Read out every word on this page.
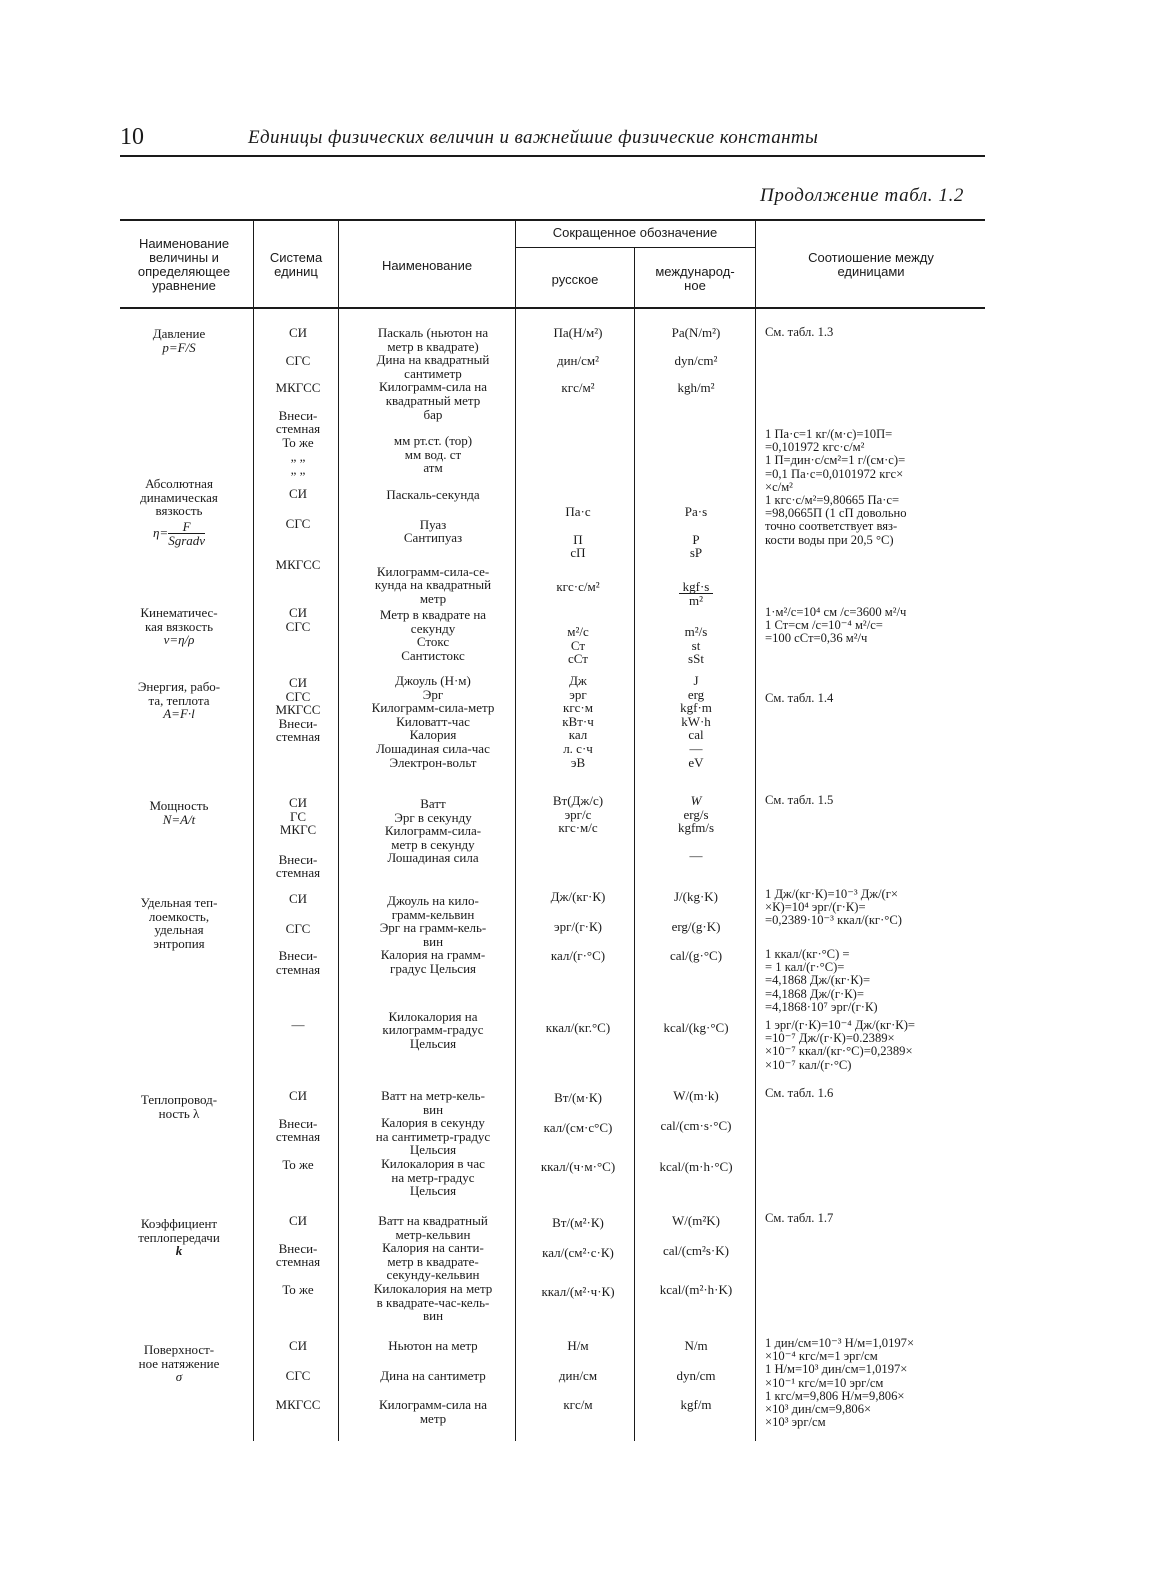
10	Единицы физических величин и важнейшие физические константы
Продолжение табл. 1.2
Наименование
величины и
определяющее
уравнение
Система
единиц	Наименование
Сокращенное обозначение
русское
международ-
ное
Соотиошение между
единицами
Давление
p=F/S
СИ
СГС
МКГСС
Внеси-
стемная
То же
„ „
„ „
Паскаль (ньютон на
метр в квадрате)
Дина на квадратный
сантиметр
Килограмм-сила на
квадратный метр
бар
мм рт.ст. (тор)
мм вод. ст
атм
Па(Н/м²)
дин/см²
кгс/м²
Pa(N/m²)
dyn/cm²
kgh/m²
См. табл. 1.3
Абсолютная
динамическая
вязкость
$\eta= \frac{F}{\text{Sgradv}}$
СИ
СГС
МКГСС
Паскаль-секунда
Пуаз
Сантипуаз
Килограмм-сила-се-
кунда на квадратный
метр
Па·с
П
сП
кгс·с/м²
Pa·s
P
sP
$\frac{\text{kgf·s}}{\text{m²}}$
1 Па·с=1 кг/(м·с)=10П=
=0,101972 кгс·с/м²
1 П=дин·с/см²=1 г/(см·с)=
=0,1 Па·с=0,0101972 кгс×
×с/м²
1 кгс·с/м²=9,80665 Па·с=
=98,0665П (1 сП довольно
точно соответствует вяз-
кости воды при 20,5 °С)
Кинематичес-
кая вязкость
ν=η/ρ
СИ
СГС
Метр в квадрате на
секунду
Стокс
Сантистокс
м²/с
Ст
сСт
m²/s
st
sSt
1·м²/с=10⁴ см /с=3600 м²/ч
1 Ст=см /с=10⁻⁴ м²/с=
=100 сСт=0,36 м²/ч
Энергия, рабо-
та, теплота
A=F·l
СИ
СГС
МКГСС
Внеси-
стемная
Джоуль (Н·м)
Эрг
Килограмм-сила-метр
Киловатт-час
Калория
Лошадиная сила-час
Электрон-вольт
Дж
эрг
кгс·м
кВт·ч
кал
л. с·ч
эВ
J
erg
kgf·m
kW·h
cal
—
eV
См. табл. 1.4
Мощность
N=A/t
СИ
ГС
МКГС
Внеси-
стемная
Ватт
Эрг в секунду
Килограмм-сила-
метр в секунду
Лошадиная сила
Вт(Дж/с)
эрг/с
кгс·м/с
W
erg/s
kgfm/s
—
См. табл. 1.5
Удельная теп-
лоемкость,
удельная
энтропия
СИ
СГС
Внеси-
стемная
—
Джоуль на кило-
грамм-кельвин
Эрг на грамм-кель-
вин
Калория на грамм-
градус Цельсия
Килокалория на
килограмм-градус
Цельсия
Дж/(кг·К)
эрг/(г·К)
кал/(г·°С)
ккал/(кг.°С)
J/(kg·K)
erg/(g·K)
cal/(g·°C)
kcal/(kg·°C)
1 Дж/(кг·К)=10⁻³ Дж/(г×
×К)=10⁴ эрг/(г·К)=
=0,2389·10⁻³ ккал/(кг·°С)
1 ккал/(кг·°С) =
= 1 кал/(г·°С)=
=4,1868 Дж/(кг·К)=
=4,1868 Дж/(г·К)=
=4,1868·10⁷ эрг/(г·К)
1 эрг/(г·К)=10⁻⁴ Дж/(кг·К)=
=10⁻⁷ Дж/(г·К)=0.2389×
×10⁻⁷ ккал/(кг·°С)=0,2389×
×10⁻⁷ кал/(г·°С)
Теплопровод-
ность λ
СИ
Внеси-
стемная
То же
Ватт на метр-кель-
вин
Калория в секунду
на сантиметр-градус
Цельсия
Килокалория в час
на метр-градус
Цельсия
Вт/(м·К)
кал/(см·с°С)
ккал/(ч·м·°С)
W/(m·k)
cal/(cm·s·°C)
kcal/(m·h·°C)
См. табл. 1.6
Коэффициент
теплопередачи
k
СИ
Внеси-
стемная
То же
Ватт на квадратный
метр-кельвин
Калория на санти-
метр в квадрате-
секунду-кельвин
Килокалория на метр
в квадрате-час-кель-
вин
Вт/(м²·К)
кал/(см²·с·К)
ккал/(м²·ч·К)
W/(m²K)
cal/(cm²s·K)
kcal/(m²·h·K)
См. табл. 1.7
Поверхност-
ное натяжение
σ
СИ
СГС
МКГСС
Ньютон на метр
Дина на сантиметр
Килограмм-сила на
метр
Н/м
дин/см
кгс/м
N/m
dyn/cm
kgf/m
1 дин/см=10⁻³ Н/м=1,0197×
×10⁻⁴ кгс/м=1 эрг/см
1 Н/м=10³ дин/см=1,0197×
×10⁻¹ кгс/м=10 эрг/см
1 кгс/м=9,806 Н/м=9,806×
×10³ дин/см=9,806×
×10³ эрг/см
